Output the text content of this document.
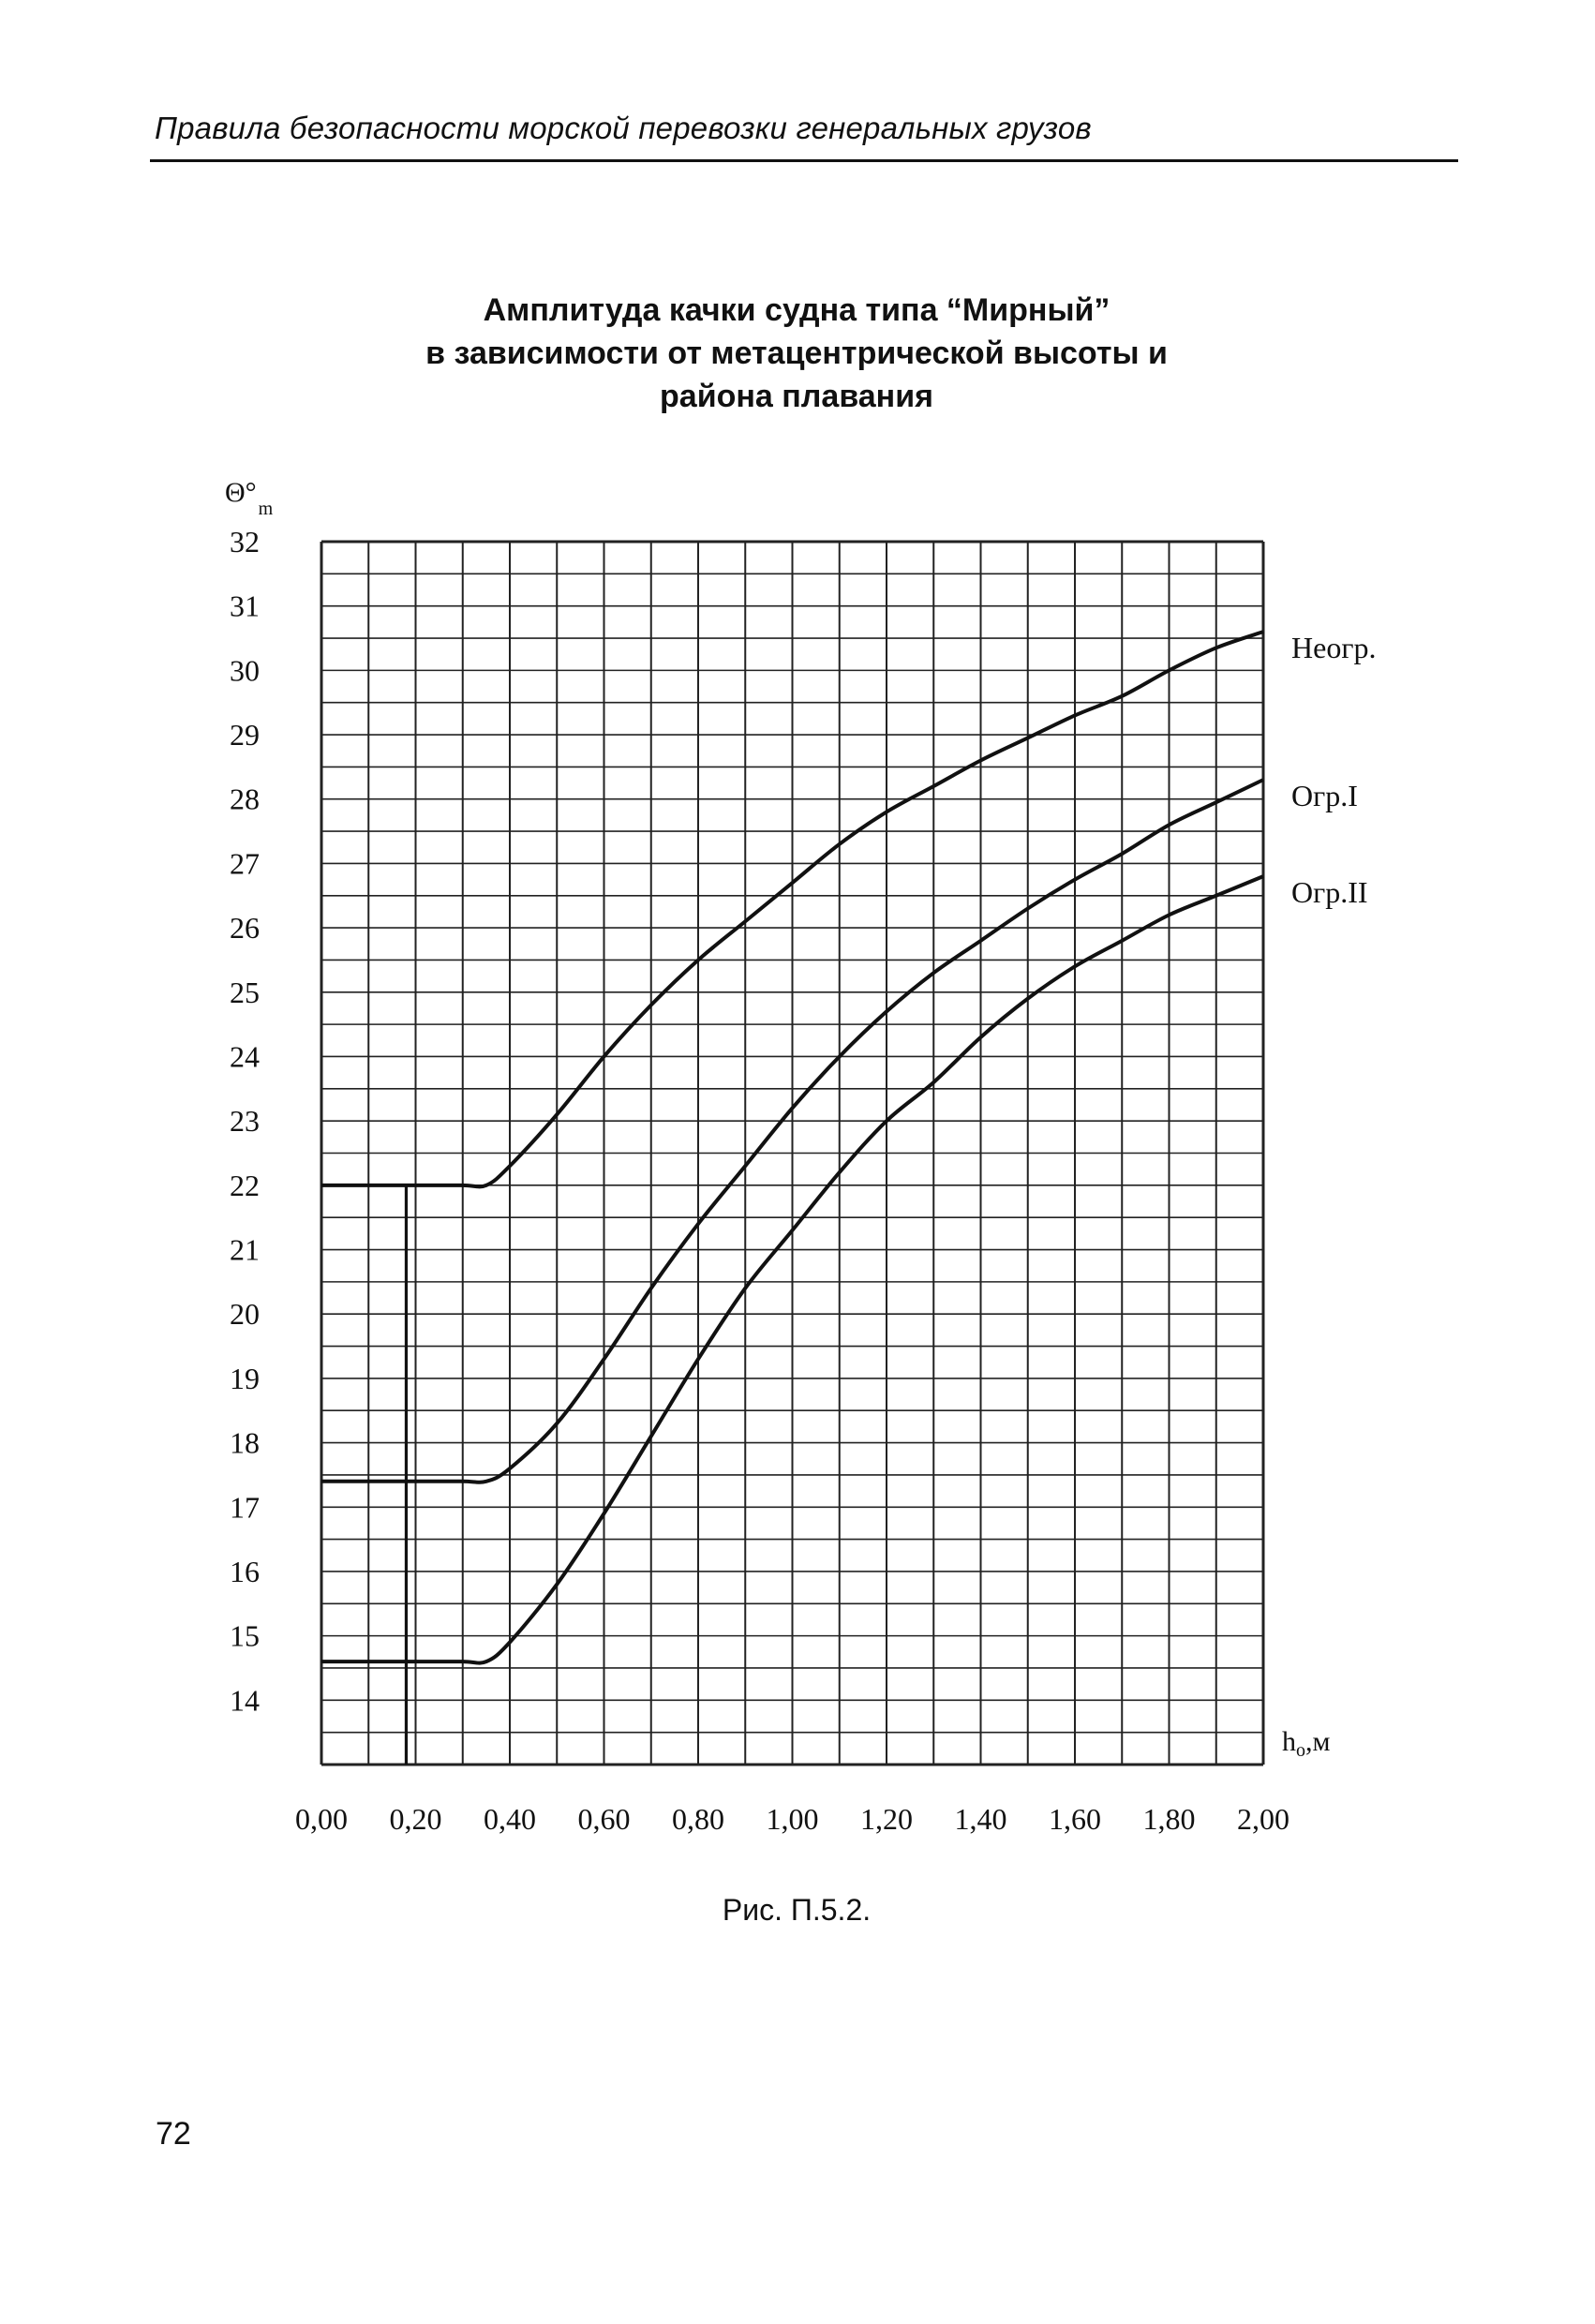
Правила безопасности морской перевозки генеральных грузов
Амплитуда качки судна типа “Мирный”
в зависимости от метацентрической высоты и
района плавания
32
31
30
29
28
27
26
25
24
23
22
21
20
19
18
17
16
15
14
0,00 0,20 0,40 0,60 0,80 1,00 1,20 1,40 1,60 1,80 2,00
Неогр.
Огр.I
Огр.II
$\Theta^\circ_m$
$h_o,м$
Рис. П.5.2.
72
